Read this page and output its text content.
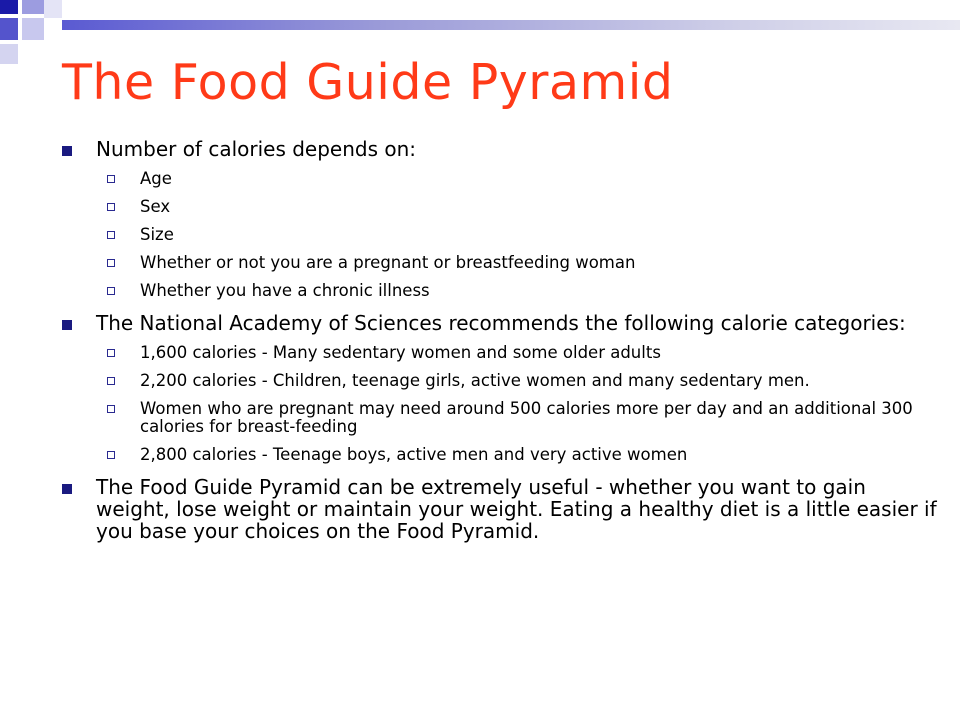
The Food Guide Pyramid
Number of calories depends on:
Age
Sex
Size
Whether or not you are a pregnant or breastfeeding woman
Whether you have a chronic illness
The National Academy of Sciences recommends the following calorie categories:
1,600 calories - Many sedentary women and some older adults
2,200 calories - Children, teenage girls, active women and many sedentary men.
Women who are pregnant may need around 500 calories more per day and an additional 300 calories for breast-feeding
2,800 calories - Teenage boys, active men and very active women
The Food Guide Pyramid can be extremely useful - whether you want to gain weight, lose weight or maintain your weight. Eating a healthy diet is a little easier if you base your choices on the Food Pyramid.
